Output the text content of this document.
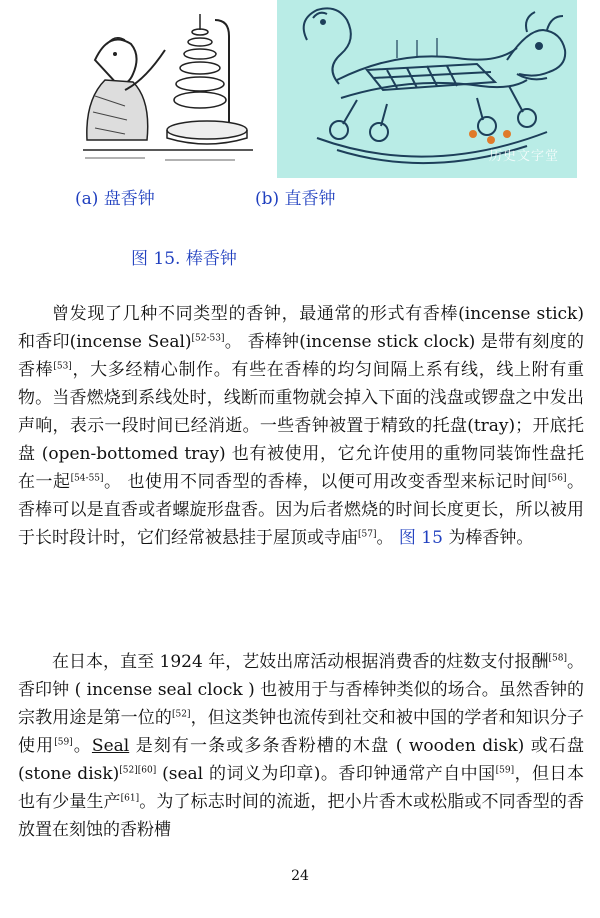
历史文字堂
(a) 盘香钟	(b) 直香钟
图 15. 棒香钟

曾发现了几种不同类型的香钟，最通常的形式有香棒(incense stick)和香印(incense Seal)[52-53]。 香棒钟(incense stick clock) 是带有刻度的香棒[53]，大多经精心制作。有些在香棒的均匀间隔上系有线，线上附有重物。当香燃烧到系线处时，线断而重物就会掉入下面的浅盘或锣盘之中发出声响，表示一段时间已经消逝。一些香钟被置于精致的托盘(tray)；开底托盘 (open-bottomed tray) 也有被使用，它允许使用的重物同装饰性盘托在一起[54-55]。 也使用不同香型的香棒，以便可用改变香型来标记时间[56]。香棒可以是直香或者螺旋形盘香。因为后者燃烧的时间长度更长，所以被用于长时段计时，它们经常被悬挂于屋顶或寺庙[57]。 图 15 为棒香钟。

在日本，直至 1924 年，艺妓出席活动根据消费香的炷数支付报酬[58]。香印钟 ( incense seal clock ) 也被用于与香棒钟类似的场合。虽然香钟的宗教用途是第一位的[52]，但这类钟也流传到社交和被中国的学者和知识分子使用[59]。Seal 是刻有一条或多条香粉槽的木盘 ( wooden disk) 或石盘(stone disk)[52][60] (seal 的词义为印章)。香印钟通常产自中国[59]，但日本也有少量生产[61]。为了标志时间的流逝，把小片香木或松脂或不同香型的香放置在刻蚀的香粉槽

24
